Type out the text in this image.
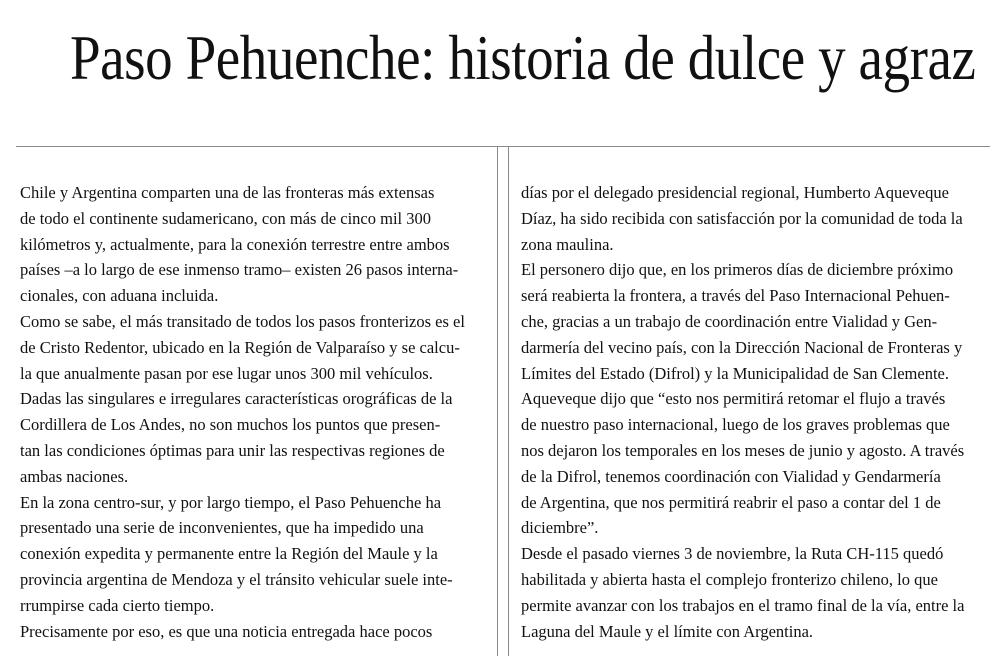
Paso Pehuenche: historia de dulce y agraz

Chile y Argentina comparten una de las fronteras más extensas

de todo el continente sudamericano, con más de cinco mil 300

kilómetros y, actualmente, para la conexión terrestre entre ambos

países –a lo largo de ese inmenso tramo– existen 26 pasos interna-

cionales, con aduana incluida.

Como se sabe, el más transitado de todos los pasos fronterizos es el

de Cristo Redentor, ubicado en la Región de Valparaíso y se calcu-

la que anualmente pasan por ese lugar unos 300 mil vehículos.

Dadas las singulares e irregulares características orográficas de la

Cordillera de Los Andes, no son muchos los puntos que presen-

tan las condiciones óptimas para unir las respectivas regiones de

ambas naciones.

En la zona centro-sur, y por largo tiempo, el Paso Pehuenche ha

presentado una serie de inconvenientes, que ha impedido una

conexión expedita y permanente entre la Región del Maule y la

provincia argentina de Mendoza y el tránsito vehicular suele inte-

rrumpirse cada cierto tiempo.

Precisamente por eso, es que una noticia entregada hace pocos

días por el delegado presidencial regional, Humberto Aqueveque

Díaz, ha sido recibida con satisfacción por la comunidad de toda la

zona maulina.

El personero dijo que, en los primeros días de diciembre próximo

será reabierta la frontera, a través del Paso Internacional Pehuen-

che, gracias a un trabajo de coordinación entre Vialidad y Gen-

darmería del vecino país, con la Dirección Nacional de Fronteras y

Límites del Estado (Difrol) y la Municipalidad de San Clemente.

Aqueveque dijo que “esto nos permitirá retomar el flujo a través

de nuestro paso internacional, luego de los graves problemas que

nos dejaron los temporales en los meses de junio y agosto. A través

de la Difrol, tenemos coordinación con Vialidad y Gendarmería

de Argentina, que nos permitirá reabrir el paso a contar del 1 de

diciembre”.

Desde el pasado viernes 3 de noviembre, la Ruta CH-115 quedó

habilitada y abierta hasta el complejo fronterizo chileno, lo que

permite avanzar con los trabajos en el tramo final de la vía, entre la

Laguna del Maule y el límite con Argentina.
